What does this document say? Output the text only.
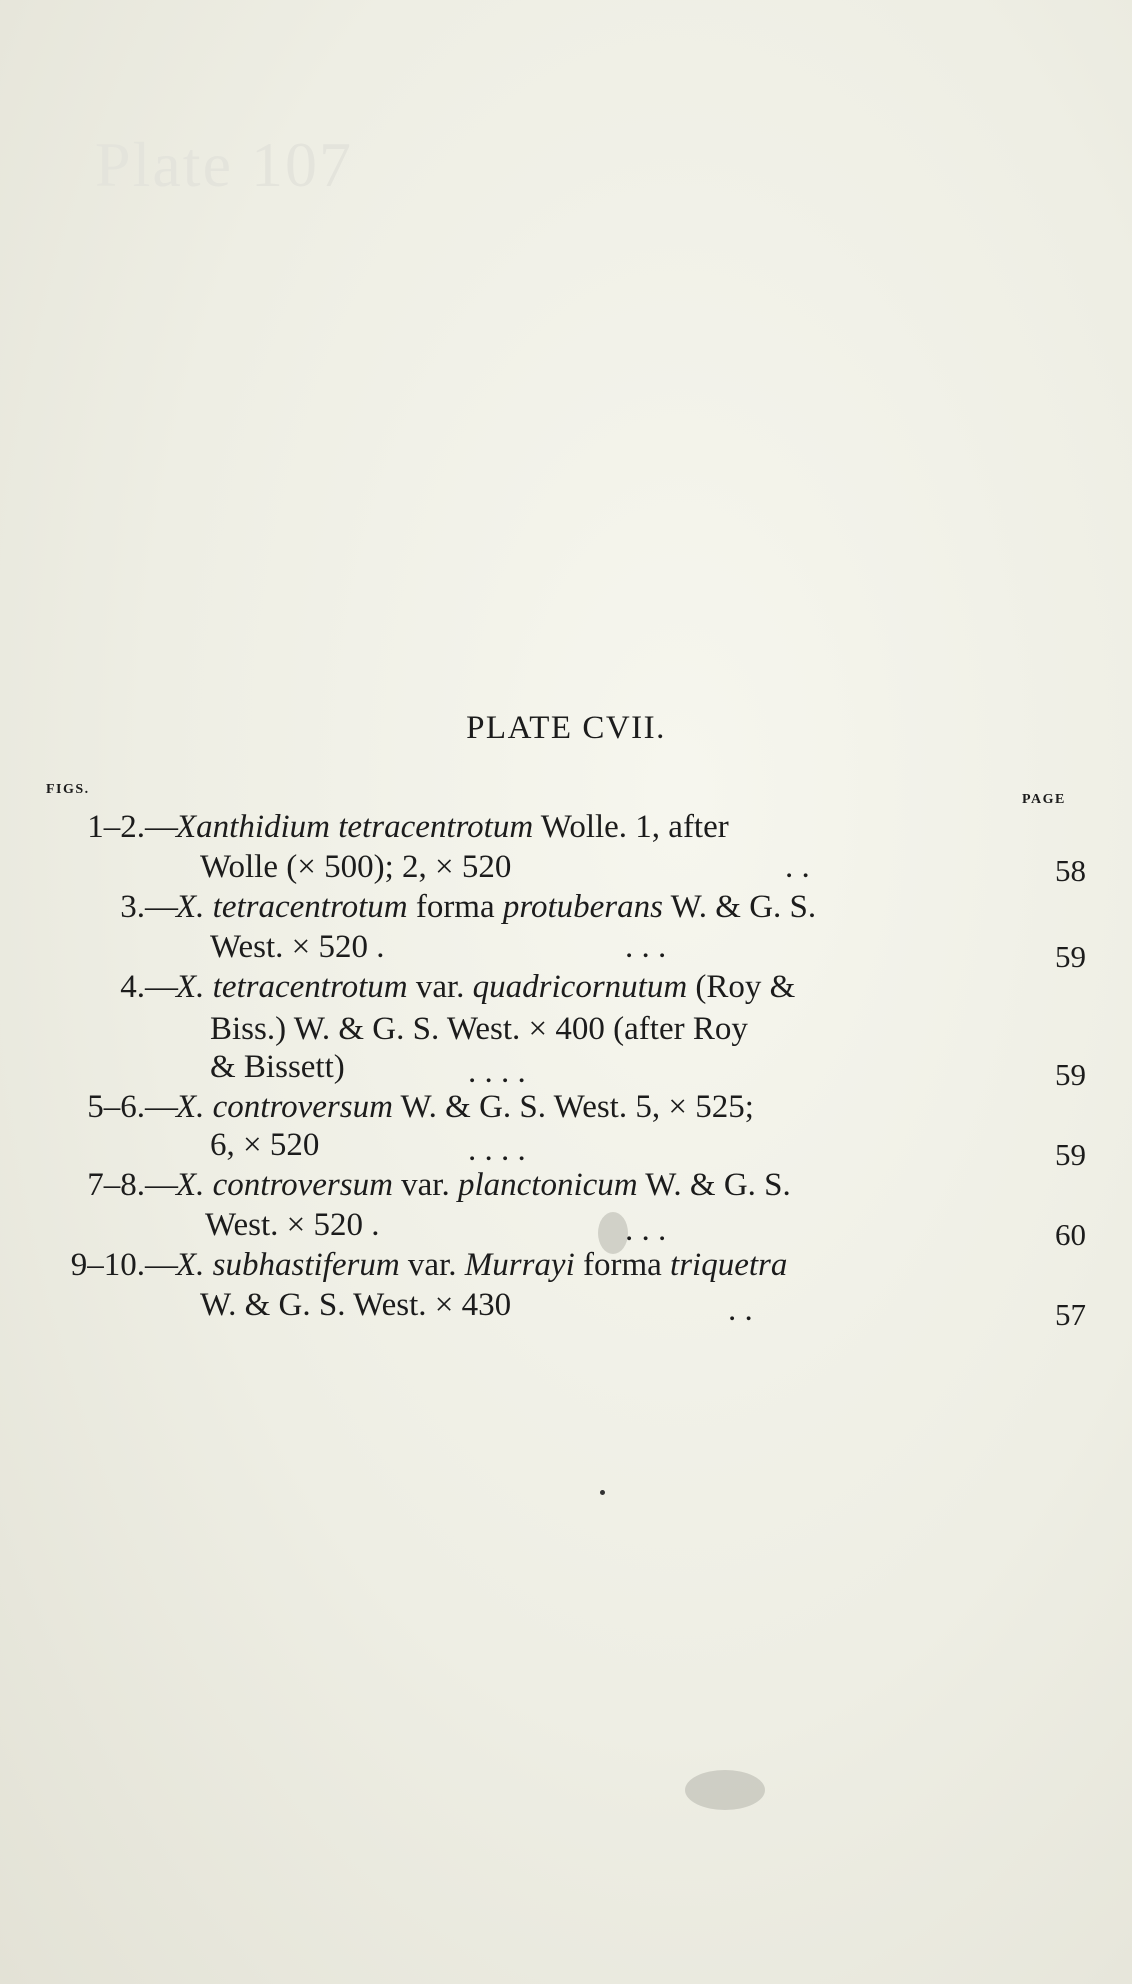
Plate 107
PLATE CVII.
FIGS.
PAGE
1–2.—
Xanthidium tetracentrotum Wolle. 1, after
Wolle (× 500); 2, × 520	. .	58
3.—
X. tetracentrotum forma protuberans W. & G. S.
West. × 520 .	. . .	59
4.—
X. tetracentrotum var. quadricornutum (Roy &
Biss.) W. & G. S. West. × 400 (after Roy
& Bissett)	. . . .	59
5–6.—
X. controversum W. & G. S. West. 5, × 525;
6, × 520	. . . .	59
7–8.—
X. controversum var. planctonicum W. & G. S.
West. × 520 .	. . .	60
9–10.—
X. subhastiferum var. Murrayi forma triquetra
W. & G. S. West. × 430	. .	57
